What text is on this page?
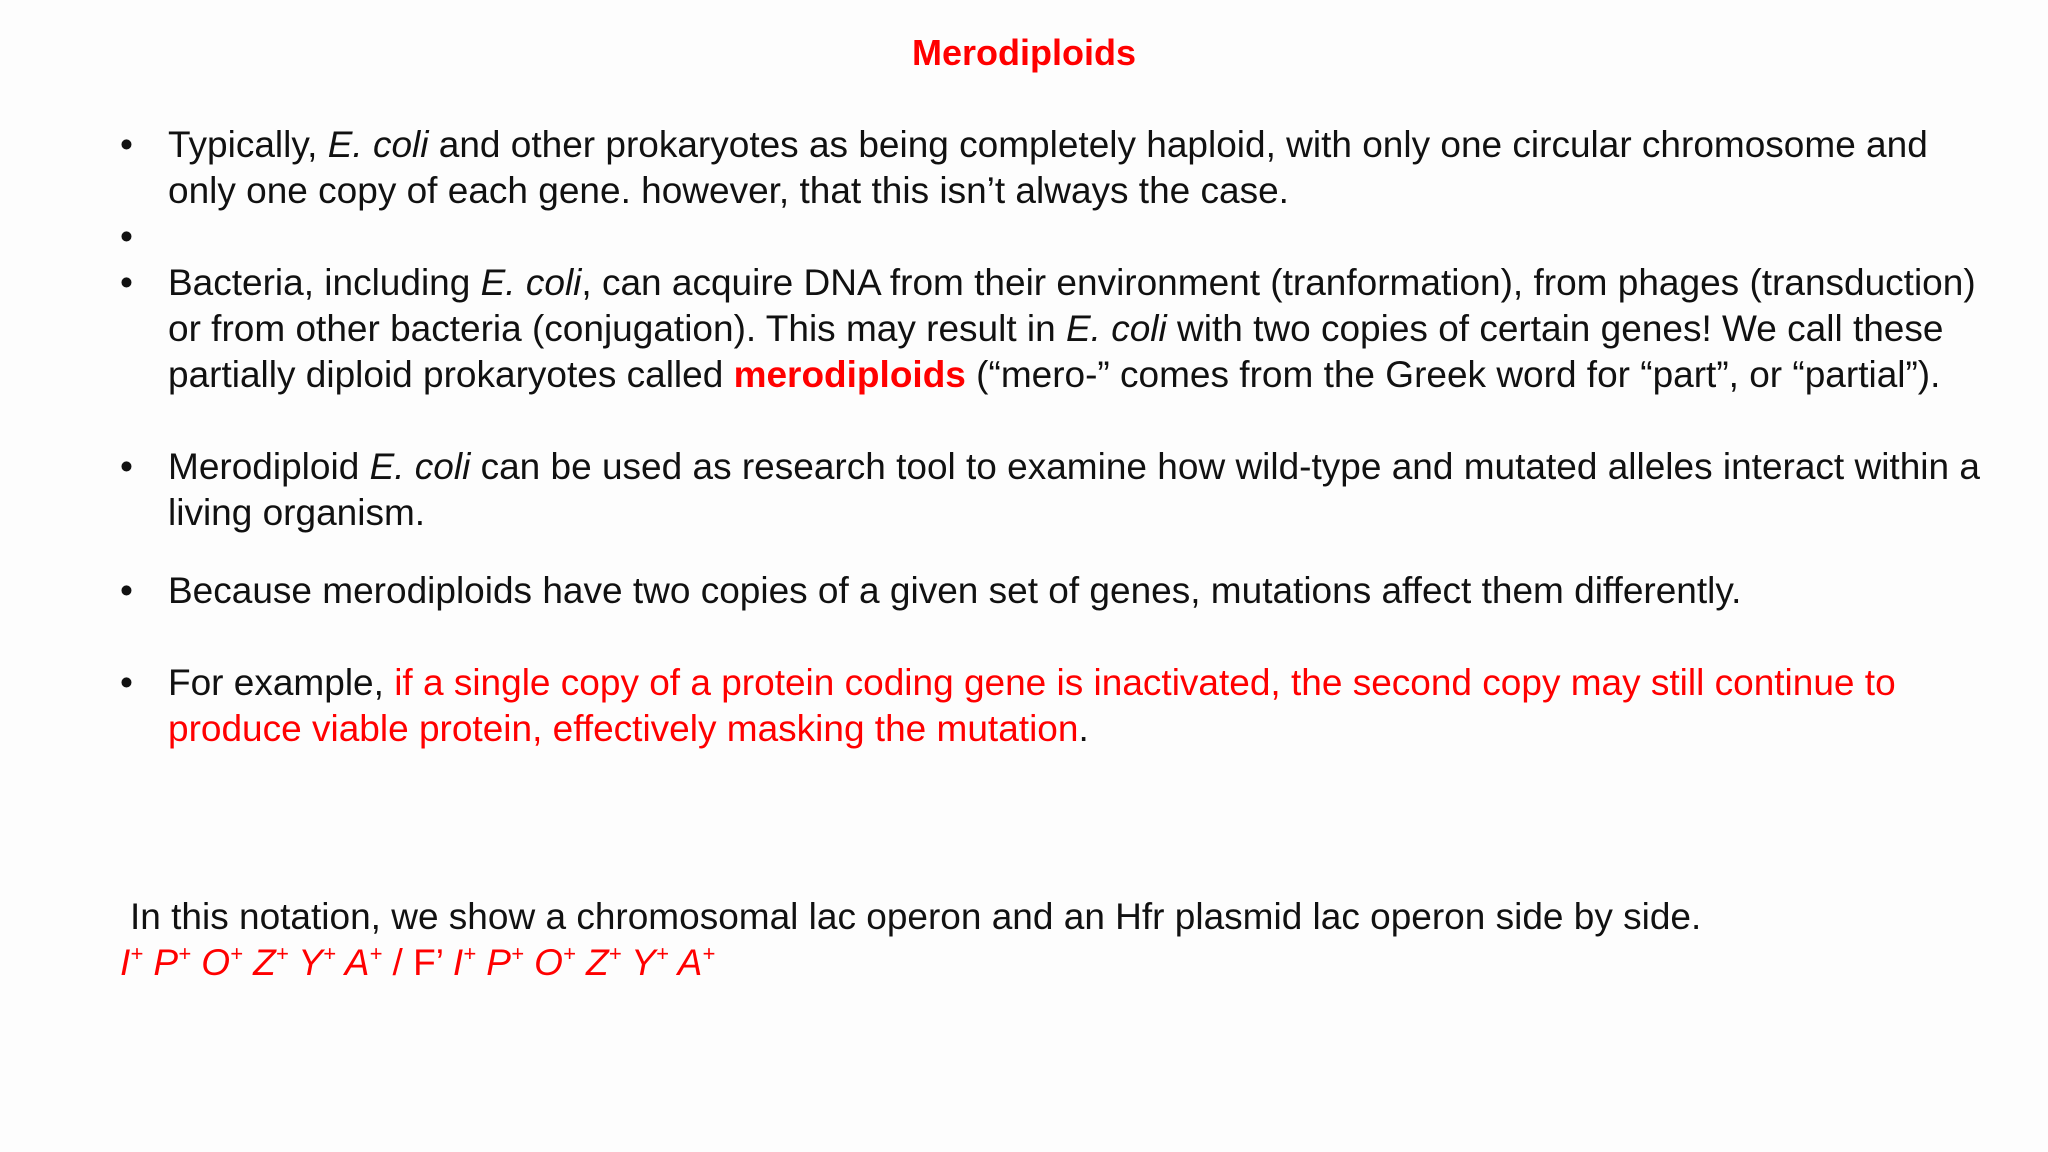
Merodiploids
• Typically, E. coli and other prokaryotes as being completely haploid, with only one circular chromosome and only one copy of each gene. however, that this isn’t always the case.
•
• Bacteria, including E. coli, can acquire DNA from their environment (tranformation), from phages (transduction) or from other bacteria (conjugation). This may result in E. coli with two copies of certain genes! We call these partially diploid prokaryotes called merodiploids (“mero-” comes from the Greek word for “part”, or “partial”).
• Merodiploid E. coli can be used as research tool to examine how wild-type and mutated alleles interact within a living organism.
• Because merodiploids have two copies of a given set of genes, mutations affect them differently.
• For example, if a single copy of a protein coding gene is inactivated, the second copy may still continue to produce viable protein, effectively masking the mutation.
In this notation, we show a chromosomal lac operon and an Hfr plasmid lac operon side by side.
I+ P+ O+ Z+ Y+ A+ / F’ I+ P+ O+ Z+ Y+ A+
